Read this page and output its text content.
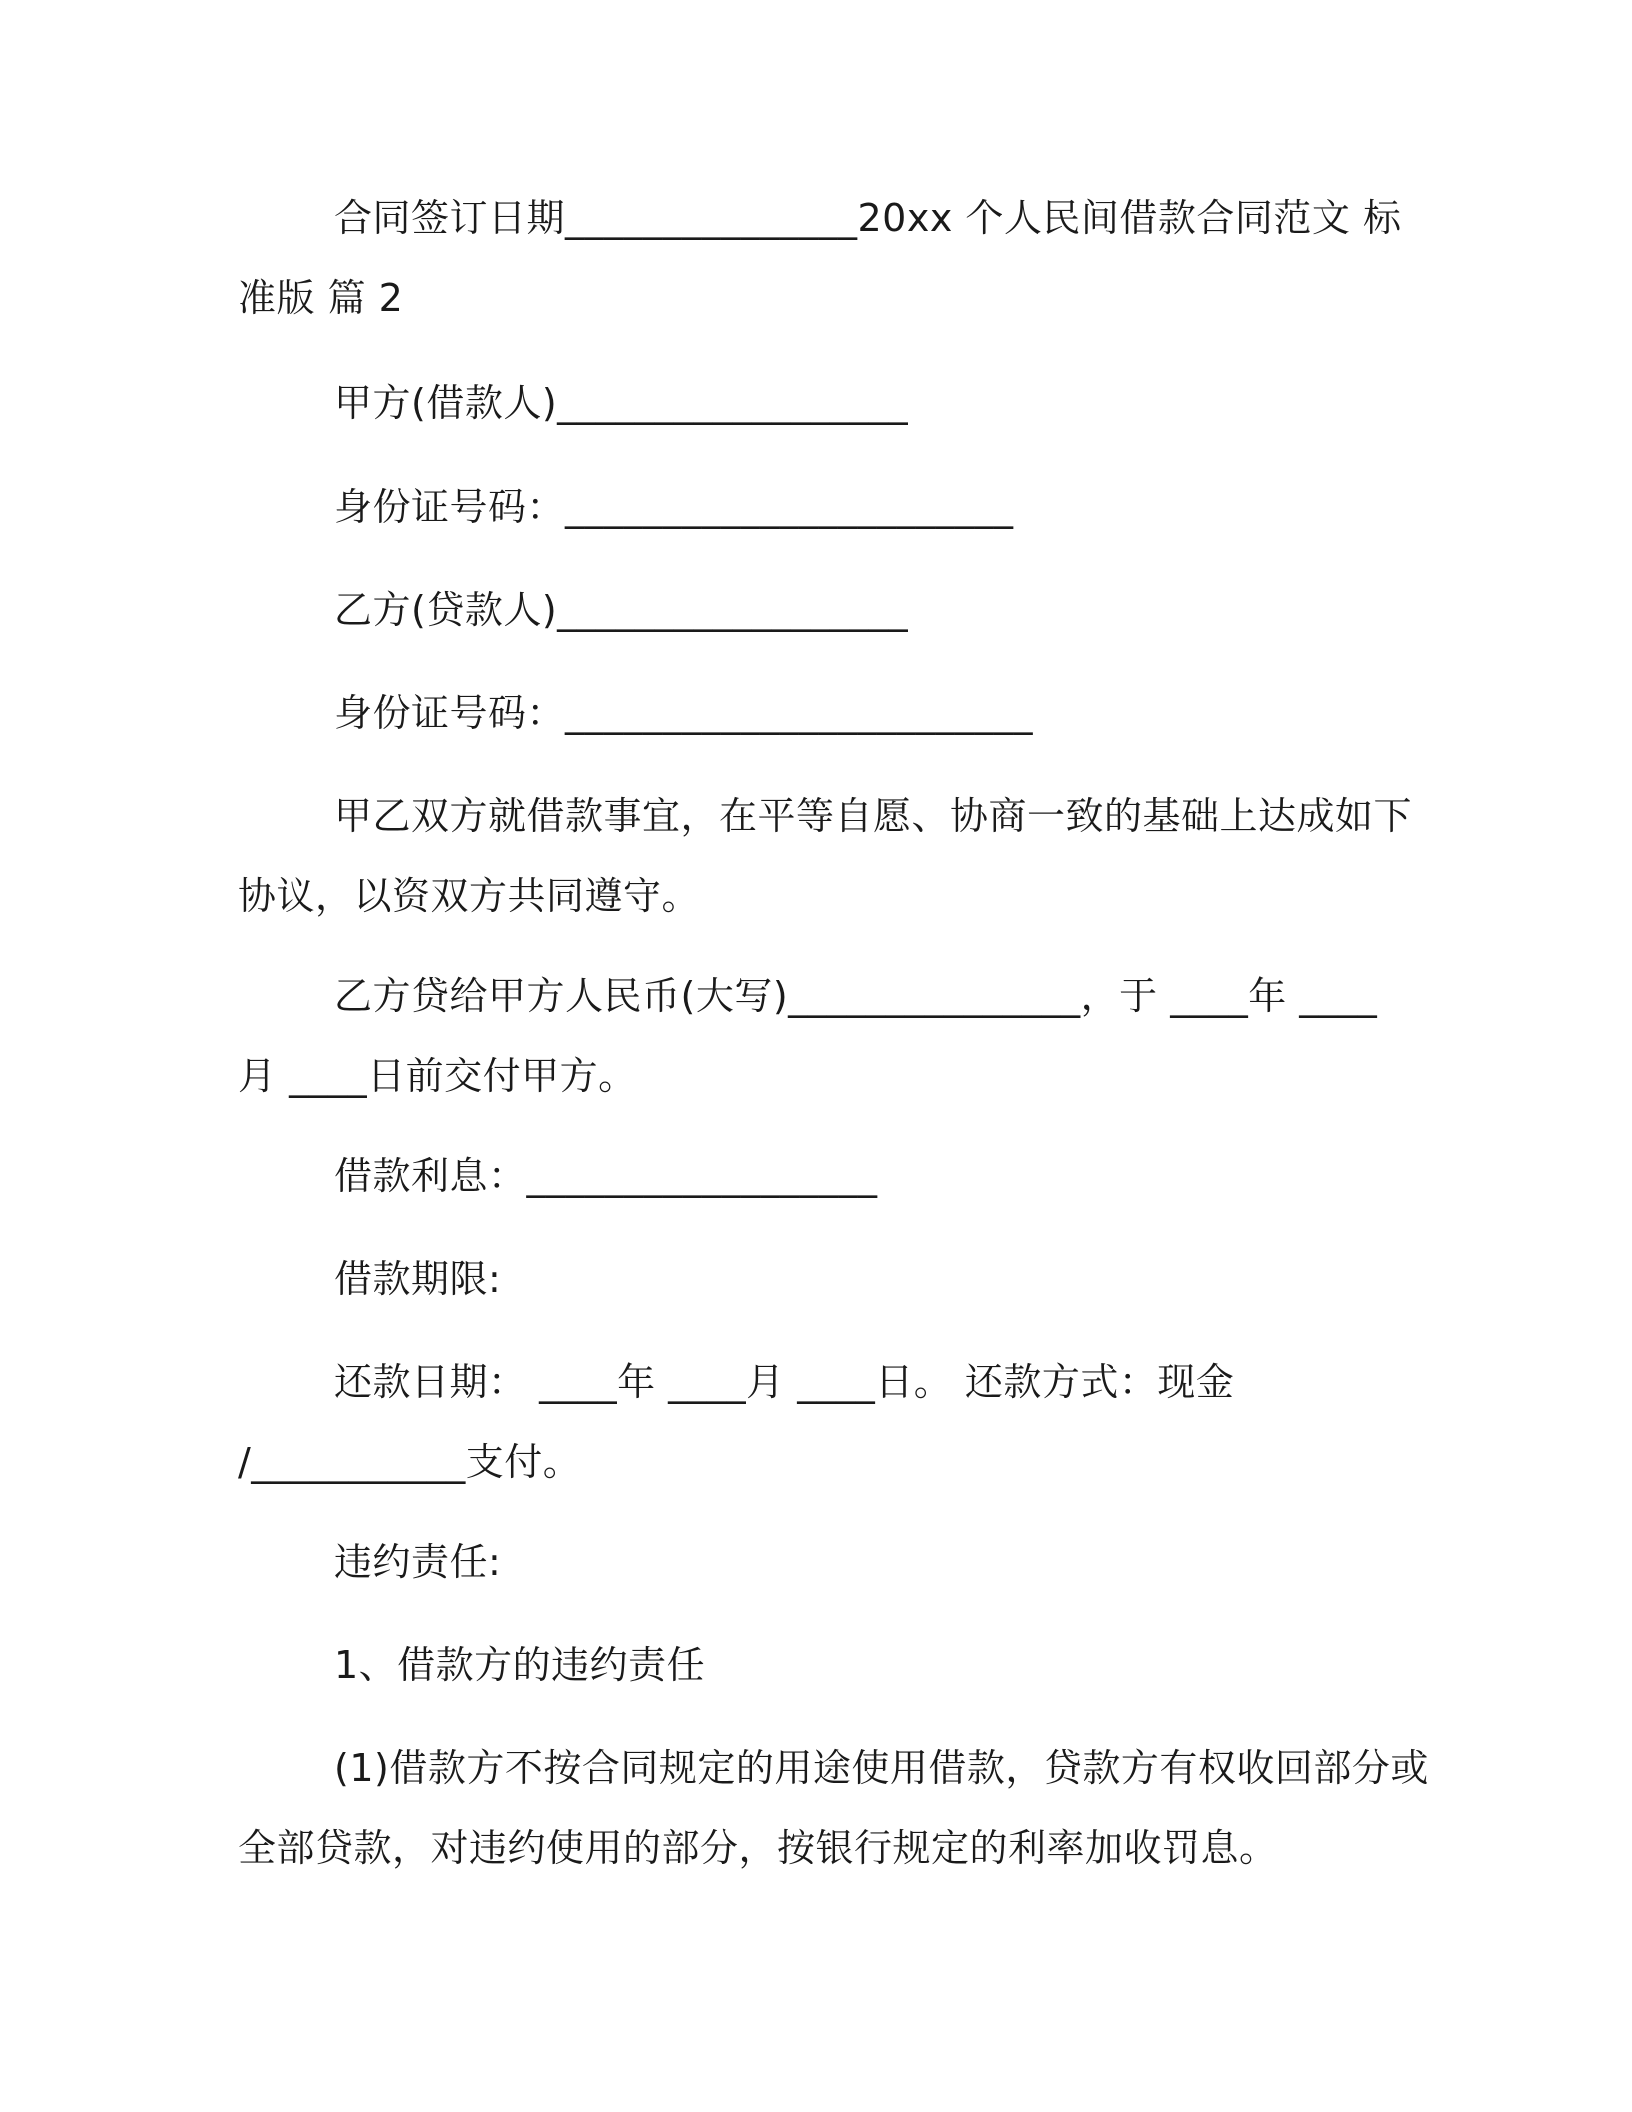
合同签订日期_______________20xx 个人民间借款合同范文 标
准版 篇 2
甲方(借款人)__________________
身份证号码：_______________________
乙方(贷款人)__________________
身份证号码：________________________
甲乙双方就借款事宜，在平等自愿、协商一致的基础上达成如下
协议，以资双方共同遵守。
乙方贷给甲方人民币(大写)_______________，于 ____年 ____
月 ____日前交付甲方。
借款利息：__________________
借款期限:
还款日期： ____年 ____月 ____日。 还款方式：现金
/___________支付。
违约责任:
1、借款方的违约责任
(1)借款方不按合同规定的用途使用借款，贷款方有权收回部分或
全部贷款，对违约使用的部分，按银行规定的利率加收罚息。
